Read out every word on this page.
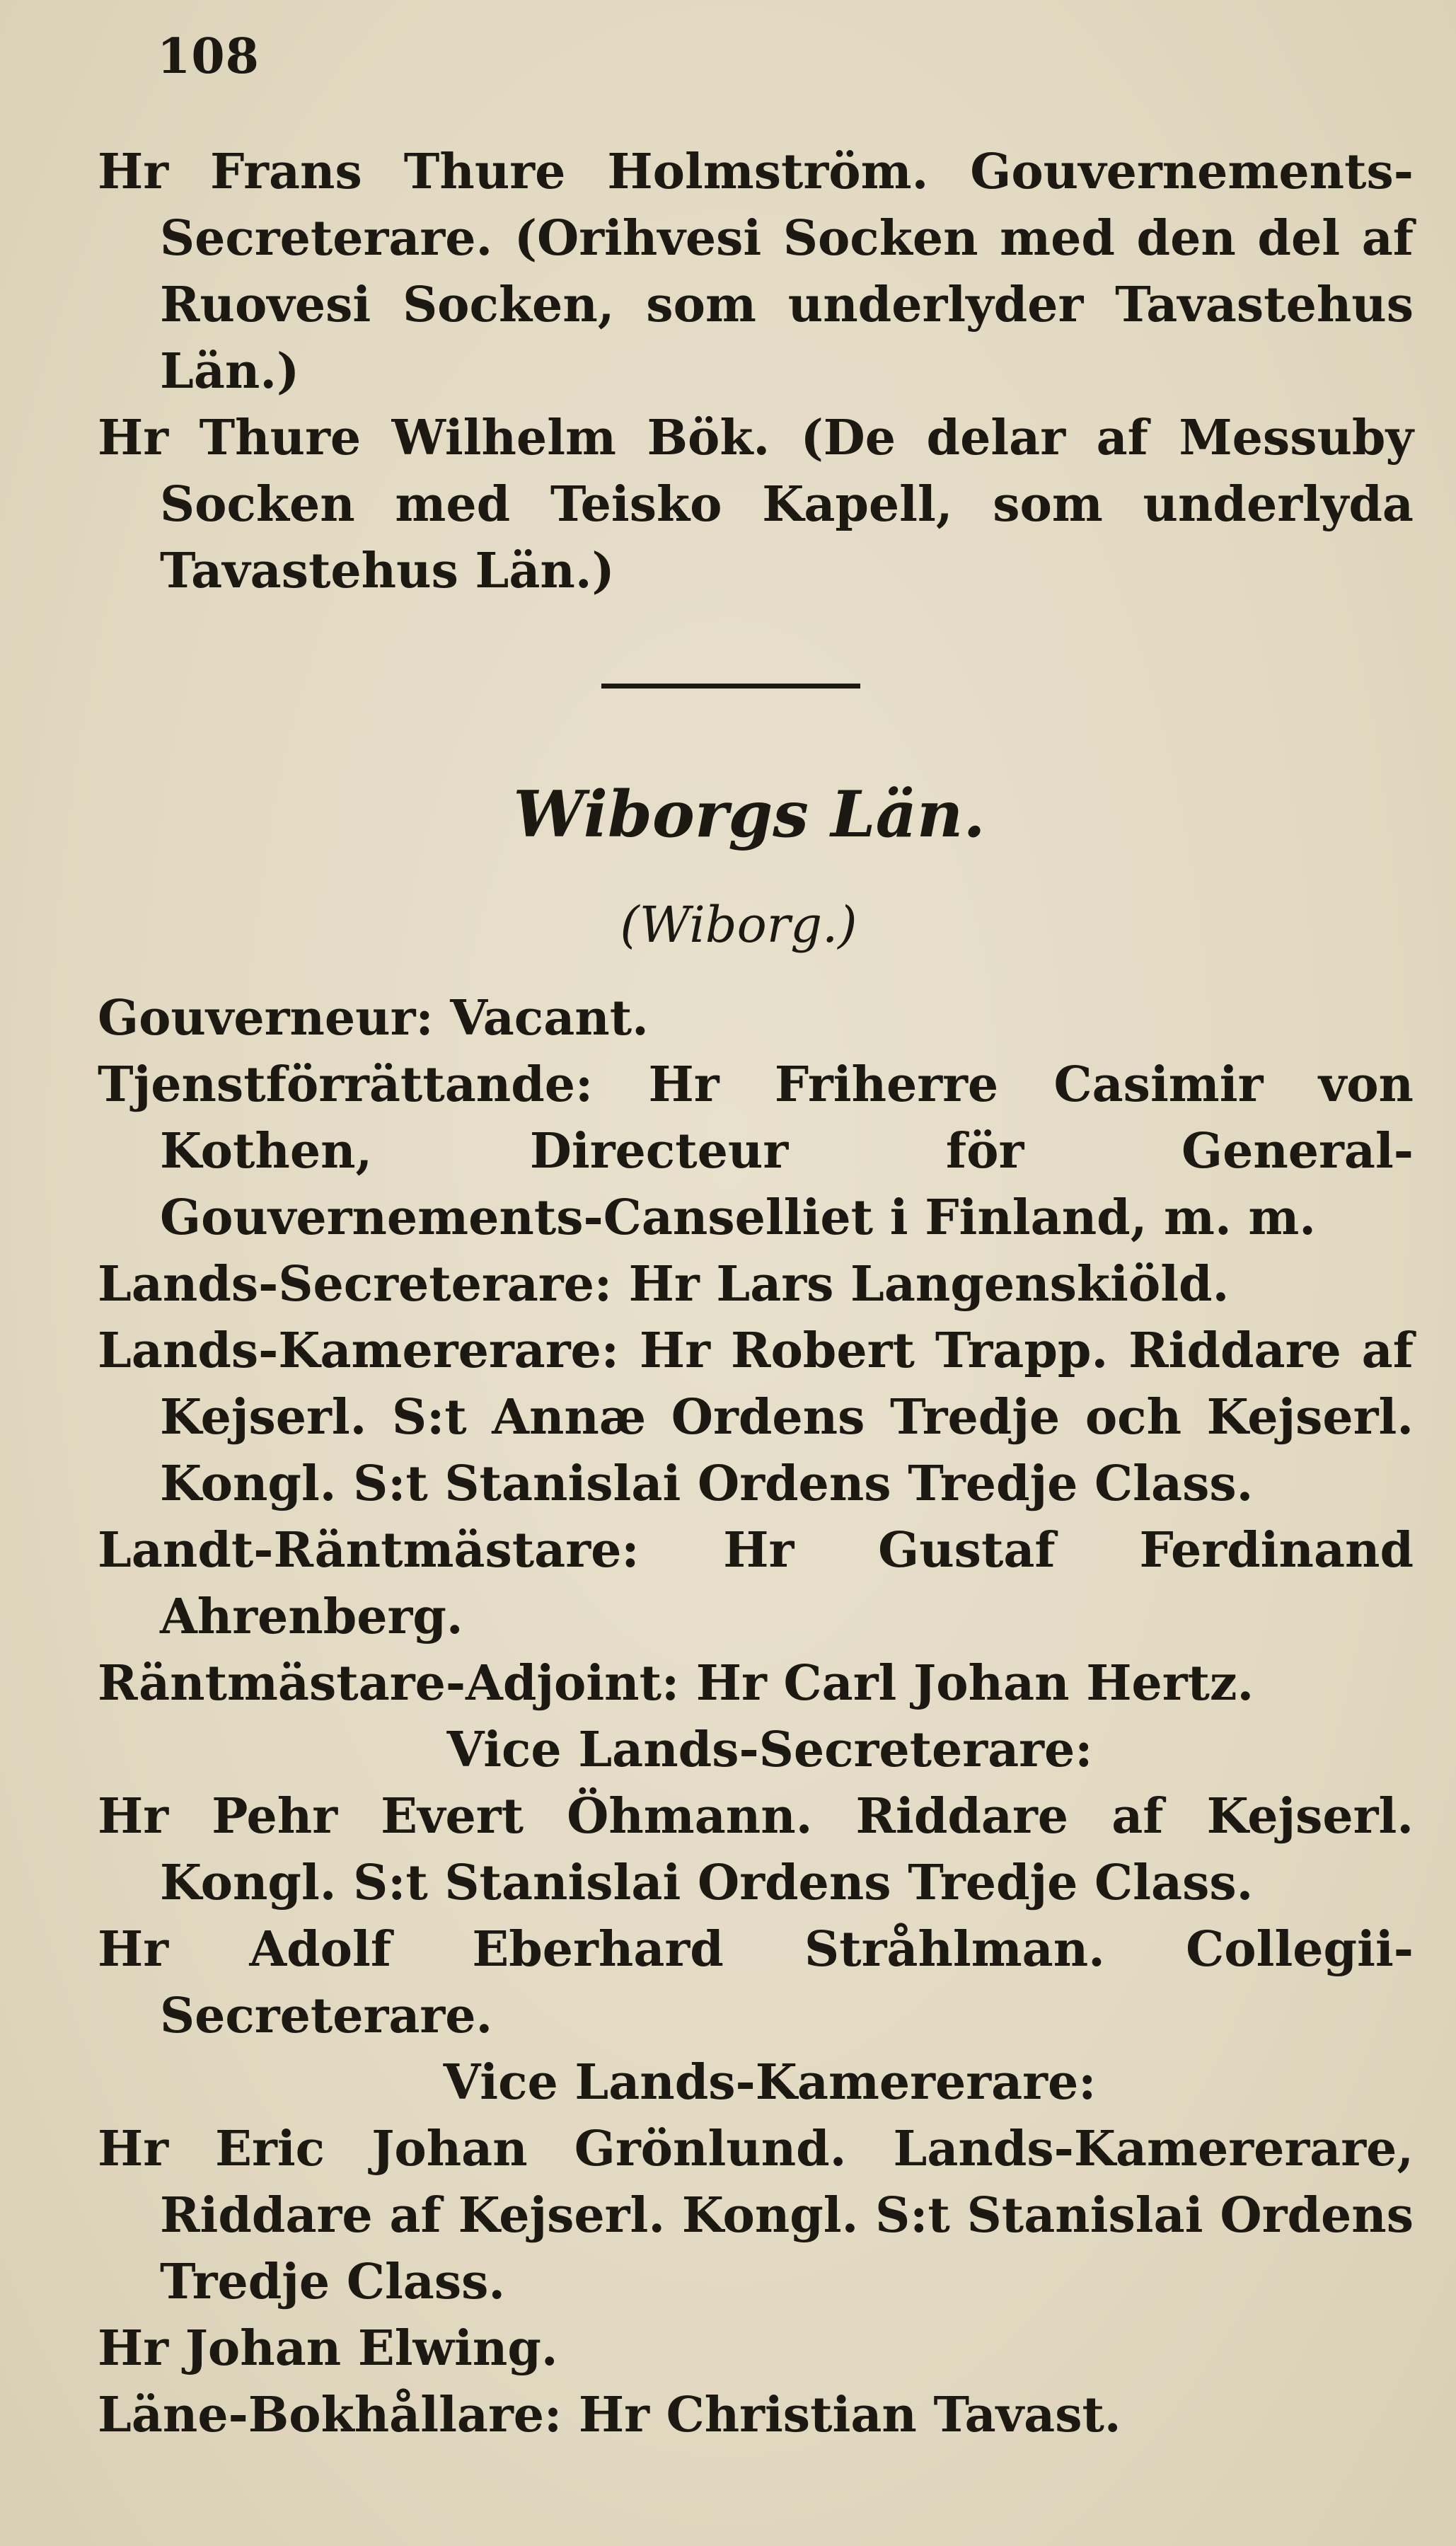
108

Hr Frans Thure Holmström. Gouvernements-Secreterare. (Orihvesi Socken med den del af Ruovesi Socken, som underlyder Tavastehus Län.)

Hr Thure Wilhelm Bök. (De delar af Messuby Socken med Teisko Kapell, som underlyda Tavastehus Län.)

Wiborgs Län.
(Wiborg.)

Gouverneur: Vacant.

Tjenstförrättande: Hr Friherre Casimir von Kothen, Directeur för General-Gouvernements-Canselliet i Finland, m. m.

Lands-Secreterare: Hr Lars Langenskiöld.

Lands-Kamererare: Hr Robert Trapp. Riddare af Kejserl. S:t Annæ Ordens Tredje och Kejserl. Kongl. S:t Stanislai Ordens Tredje Class.

Landt-Räntmästare: Hr Gustaf Ferdinand Ahrenberg.

Räntmästare-Adjoint: Hr Carl Johan Hertz.

Vice Lands-Secreterare:

Hr Pehr Evert Öhmann. Riddare af Kejserl. Kongl. S:t Stanislai Ordens Tredje Class.

Hr Adolf Eberhard Stråhlman. Collegii-Secreterare.

Vice Lands-Kamererare:

Hr Eric Johan Grönlund. Lands-Kamererare, Riddare af Kejserl. Kongl. S:t Stanislai Ordens Tredje Class.

Hr Johan Elwing.

Läne-Bokhållare: Hr Christian Tavast.
